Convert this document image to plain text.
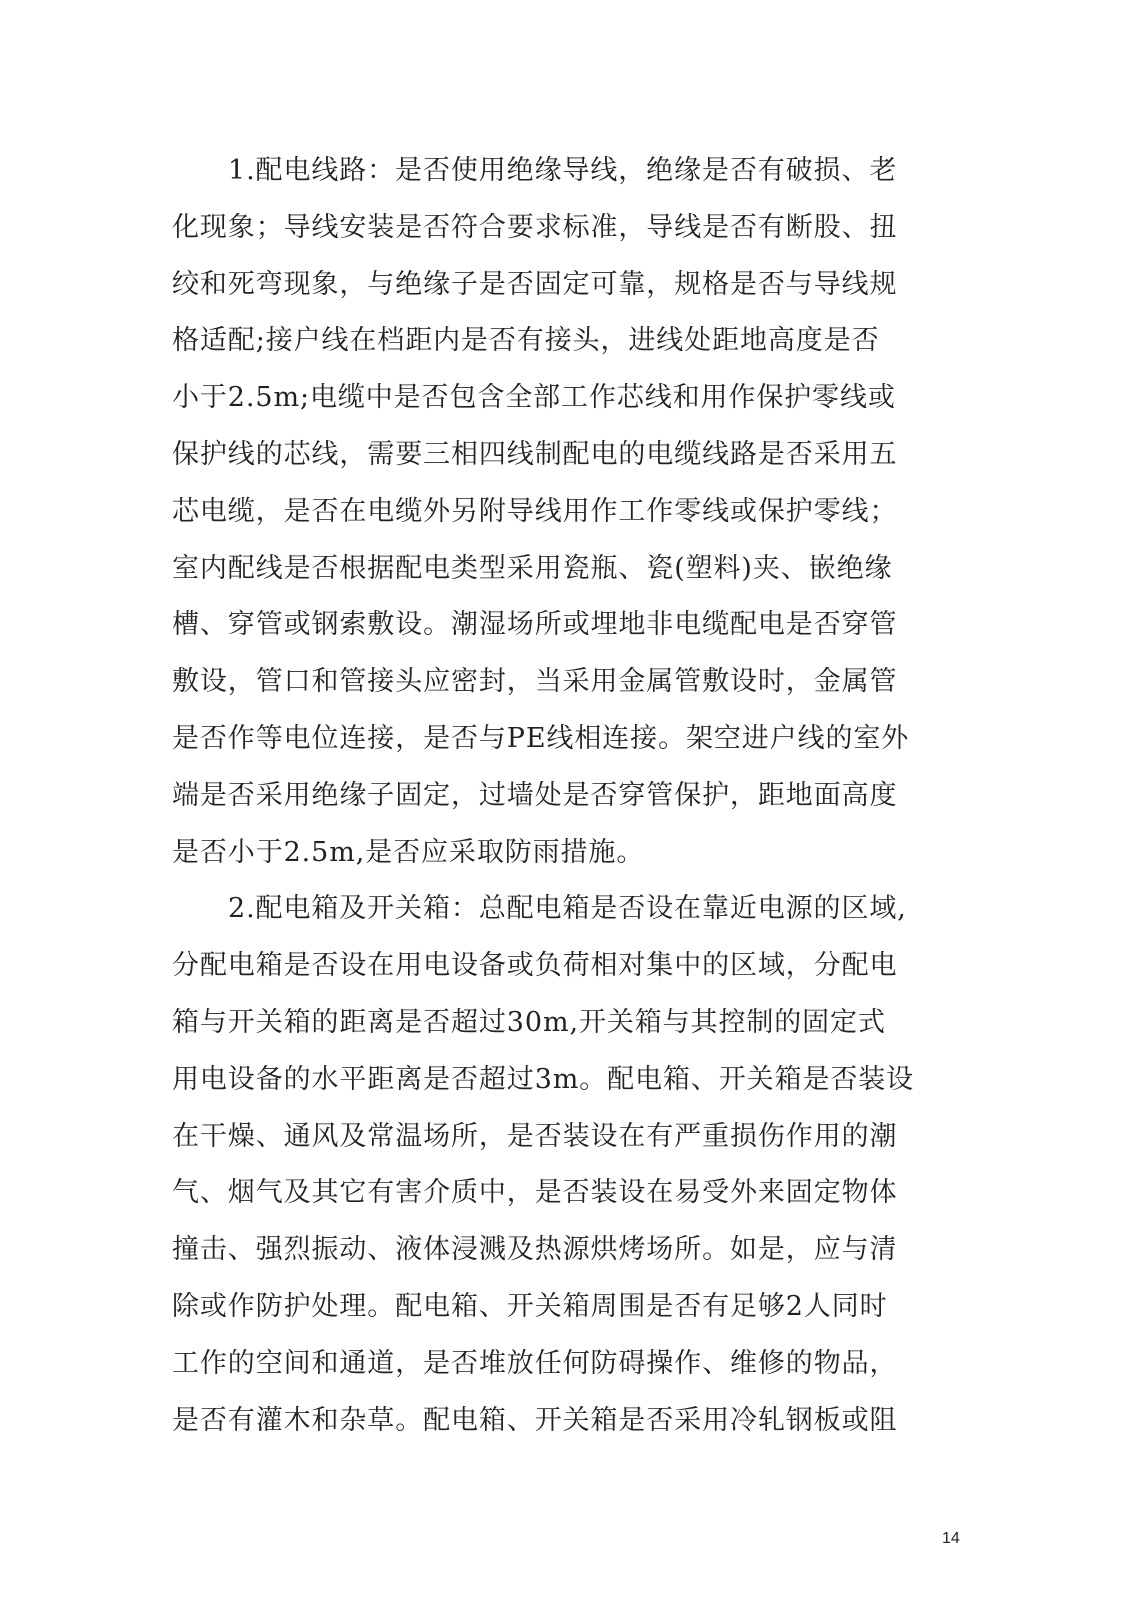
1.配电线路：是否使用绝缘导线，绝缘是否有破损、老
化现象；导线安装是否符合要求标准，导线是否有断股、扭
绞和死弯现象，与绝缘子是否固定可靠，规格是否与导线规
格适配;接户线在档距内是否有接头，进线处距地高度是否
小于2.5m;电缆中是否包含全部工作芯线和用作保护零线或
保护线的芯线，需要三相四线制配电的电缆线路是否采用五
芯电缆，是否在电缆外另附导线用作工作零线或保护零线；
室内配线是否根据配电类型采用瓷瓶、瓷(塑料)夹、嵌绝缘
槽、穿管或钢索敷设。潮湿场所或埋地非电缆配电是否穿管
敷设，管口和管接头应密封，当采用金属管敷设时，金属管
是否作等电位连接，是否与PE线相连接。架空进户线的室外
端是否采用绝缘子固定，过墙处是否穿管保护，距地面高度
是否小于2.5m,是否应采取防雨措施。
2.配电箱及开关箱：总配电箱是否设在靠近电源的区域,
分配电箱是否设在用电设备或负荷相对集中的区域，分配电
箱与开关箱的距离是否超过30m,开关箱与其控制的固定式
用电设备的水平距离是否超过3m。配电箱、开关箱是否装设
在干燥、通风及常温场所，是否装设在有严重损伤作用的潮
气、烟气及其它有害介质中，是否装设在易受外来固定物体
撞击、强烈振动、液体浸溅及热源烘烤场所。如是，应与清
除或作防护处理。配电箱、开关箱周围是否有足够2人同时
工作的空间和通道，是否堆放任何防碍操作、维修的物品，
是否有灌木和杂草。配电箱、开关箱是否采用冷轧钢板或阻
14
